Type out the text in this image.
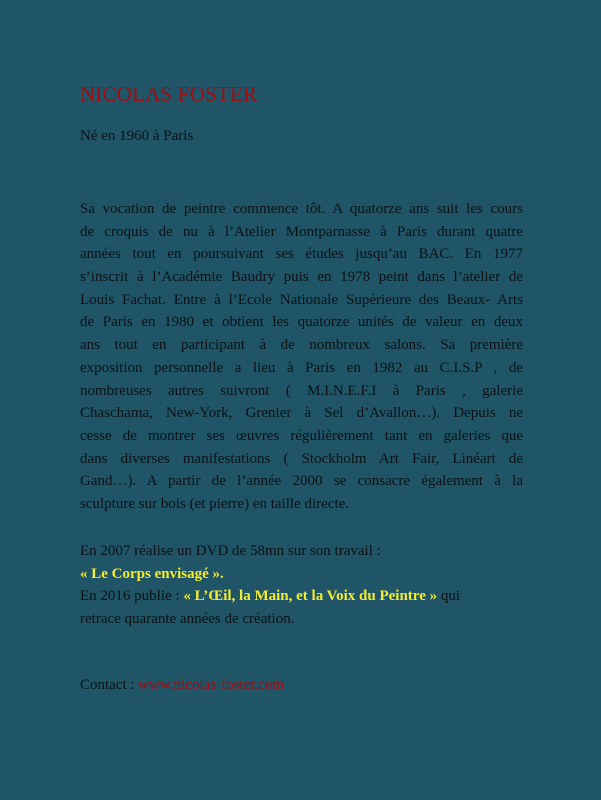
NICOLAS FOSTER
Né en 1960 à Paris
Sa vocation de peintre commence tôt. A quatorze ans suit les cours
de croquis de nu à l’Atelier Montparnasse à Paris durant quatre
années tout en poursuivant ses études jusqu’au BAC. En 1977
s’inscrit à l’Académie Baudry puis en 1978 peint dans l’atelier de
Louis Fachat. Entre à l’Ecole Nationale Supérieure des Beaux- Arts
de Paris en 1980 et obtient les quatorze unités de valeur en deux
ans tout en participant à de nombreux salons. Sa première
exposition personnelle a lieu à Paris en 1982 au C.I.S.P , de
nombreuses autres suivront ( M.I.N.E.F.I à Paris , galerie
Chaschama, New-York, Grenier à Sel d’Avallon…). Depuis ne
cesse de montrer ses œuvres régulièrement tant en galeries que
dans diverses manifestations ( Stockholm Art Fair, Linéart de
Gand…). A partir de l’année 2000 se consacre également à la
sculpture sur bois (et pierre) en taille directe.
En 2007 réalise un DVD de 58mn sur son travail :
« Le Corps envisagé ».
En 2016 publie : « L’Œil, la Main, et la Voix du Peintre » qui
retrace quarante années de création.
Contact : www.nicolas-foster.com
